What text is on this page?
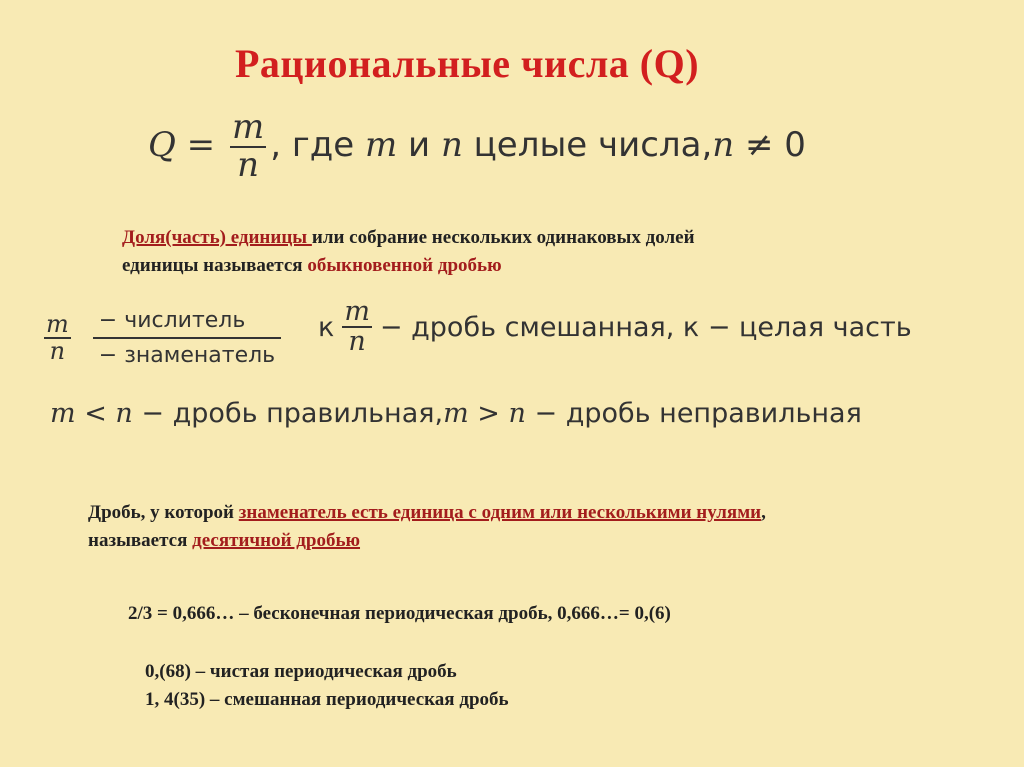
Рациональные числа (Q)
$Q = \frac{m}{n}$ , где m и n целые числа,n ≠ 0
Доля(часть) единицы или собрание нескольких одинаковых долей
единицы называется обыкновенной дробью
$\frac{m}{n}$ − числитель
− знаменатель
к $\frac{m}{n}$ − дробь смешанная, к − целая часть
m < n − дробь правильная,m > n − дробь неправильная
Дробь, у которой знаменатель есть единица с одним или несколькими нулями,
называется десятичной дробью
2/3 = 0,666… – бесконечная периодическая дробь, 0,666…= 0,(6)
0,(68) – чистая периодическая дробь
1, 4(35) – смешанная периодическая дробь
